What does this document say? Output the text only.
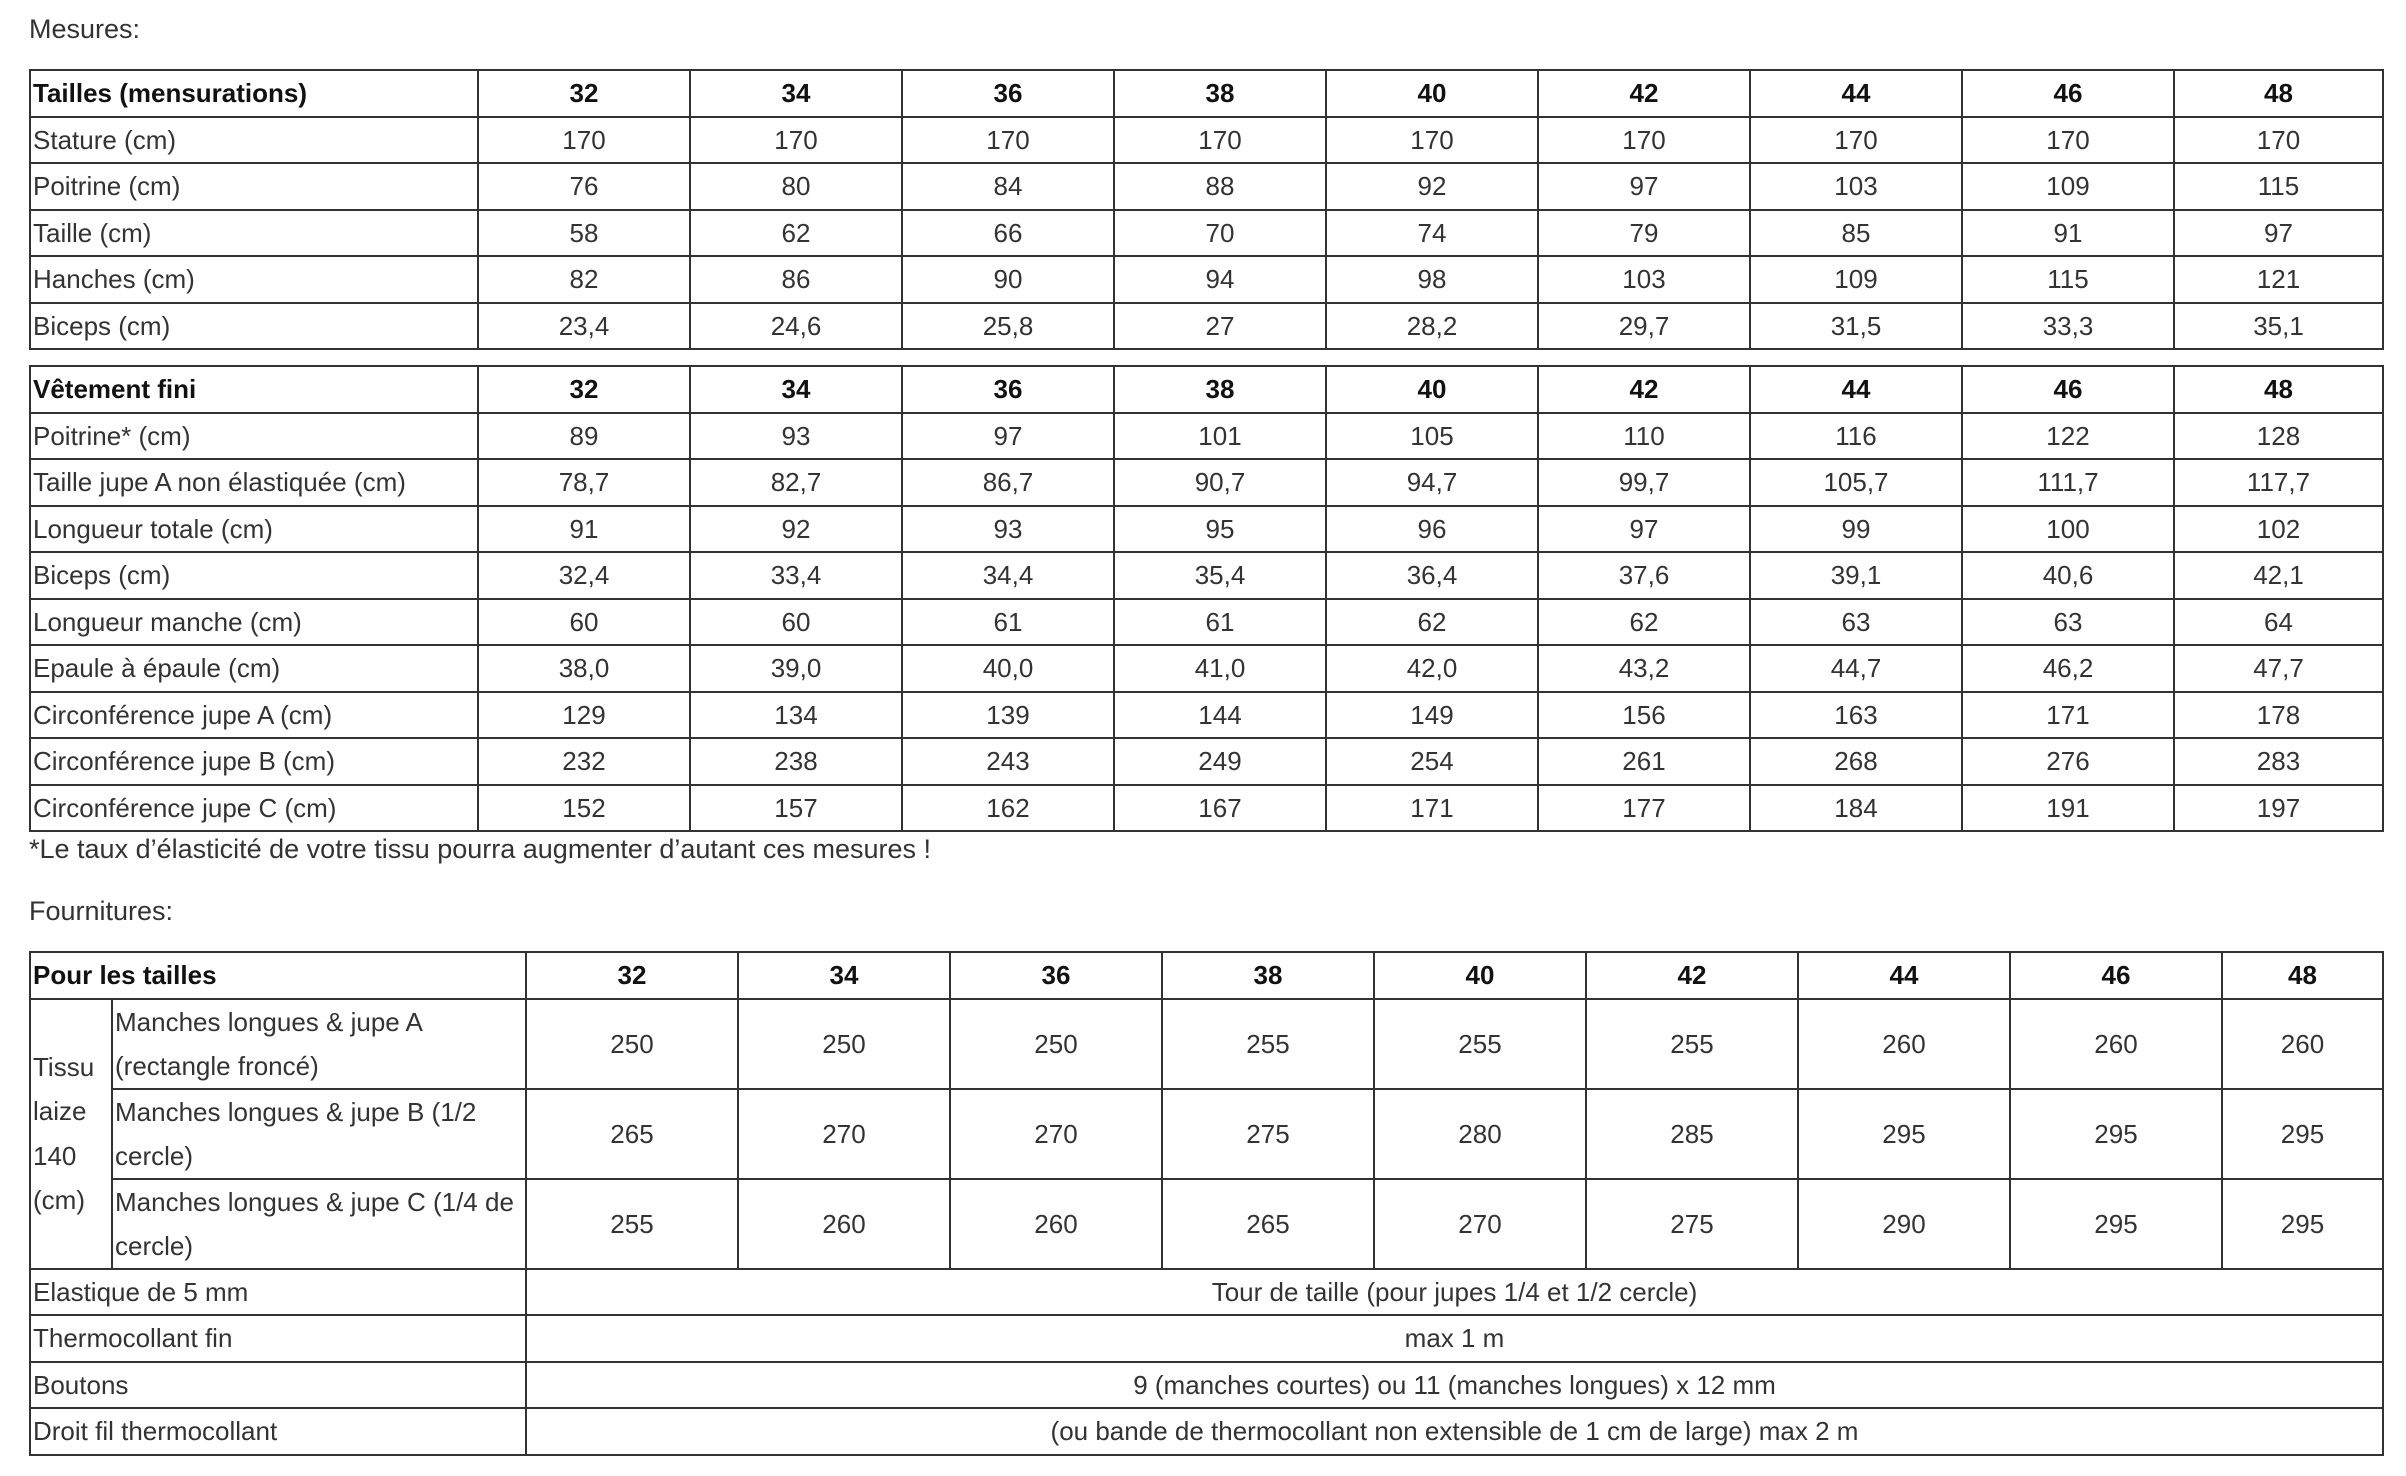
Mesures:

Tailles (mensurations)	32	34	36	38	40	42	44	46	48
Stature (cm)	170	170	170	170	170	170	170	170	170
Poitrine (cm)	76	80	84	88	92	97	103	109	115
Taille (cm)	58	62	66	70	74	79	85	91	97
Hanches (cm)	82	86	90	94	98	103	109	115	121
Biceps (cm)	23,4	24,6	25,8	27	28,2	29,7	31,5	33,3	35,1
Vêtement fini	32	34	36	38	40	42	44	46	48
Poitrine* (cm)	89	93	97	101	105	110	116	122	128
Taille jupe A non élastiquée (cm)	78,7	82,7	86,7	90,7	94,7	99,7	105,7	111,7	117,7
Longueur totale (cm)	91	92	93	95	96	97	99	100	102
Biceps (cm)	32,4	33,4	34,4	35,4	36,4	37,6	39,1	40,6	42,1
Longueur manche (cm)	60	60	61	61	62	62	63	63	64
Epaule à épaule (cm)	38,0	39,0	40,0	41,0	42,0	43,2	44,7	46,2	47,7
Circonférence jupe A (cm)	129	134	139	144	149	156	163	171	178
Circonférence jupe B (cm)	232	238	243	249	254	261	268	276	283
Circonférence jupe C (cm)	152	157	162	167	171	177	184	191	197

*Le taux d’élasticité de votre tissu pourra augmenter d’autant ces mesures !

Fournitures:

Pour les tailles		32	34	36	38	40	42	44	46	48
Tissu laize 140 (cm)	Manches longues & jupe A (rectangle froncé)	250	250	250	255	255	255	260	260	260
	Manches longues & jupe B (1/2 cercle)	265	270	270	275	280	285	295	295	295
	Manches longues & jupe C (1/4 de cercle)	255	260	260	265	270	275	290	295	295
Elastique de 5 mm		Tour de taille (pour jupes 1/4 et 1/2 cercle)								
Thermocollant fin		max 1 m								
Boutons		9 (manches courtes) ou 11 (manches longues) x 12 mm								
Droit fil thermocollant		(ou bande de thermocollant non extensible de 1 cm de large) max 2 m								
